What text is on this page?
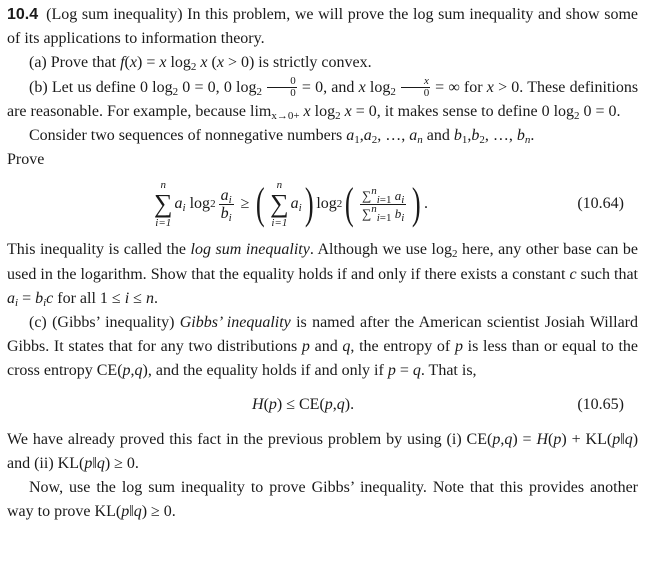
10.4 (Log sum inequality) In this problem, we will prove the log sum inequality and show some of its applications to information theory.

(a) Prove that f(x) = x $\log_2 x$ (x > 0) is strictly convex.

(b) Let us define 0 $\log_2 0 = 0$, 0 $\log_2 \frac{0}{0} = 0$, and x $\log_2 \frac{x}{0}$ = ∞ for x > 0. These definitions are reasonable. For example, because $\lim_{x\to 0+} x$ $\log_2 x = 0$, it makes sense to define 0 $\log_2 0 = 0$.

Consider two sequences of nonnegative numbers $a_1,a_2$, …, $a_n$ and $b_1,b_2$, …, $b_n$.

Prove

n
∑
i=1
$a_i$ $\log 2 \frac{a_i}{b_i}$ ≥ ( n
∑
i=1
$a_i$ ) log 2 ( ∑$^n_{i=1}$ $a_i$
∑$^n_{i=1}$ $b_i$ ) .	(10.64)

This inequality is called the log sum inequality. Although we use $\log_2$ here, any other base can be used in the logarithm. Show that the equality holds if and only if there exists a constant c such that $a_i = b_ic$ for all 1 ≤ i ≤ n.

(c) (Gibbs’ inequality) Gibbs’ inequality is named after the American scientist Josiah Willard Gibbs. It states that for any two distributions p and q, the entropy of p is less than or equal to the cross entropy CE(p,q), and the equality holds if and only if p = q. That is,

H(p) ≤ CE(p,q).	(10.65)

We have already proved this fact in the previous problem by using (i) CE(p,q) = H(p) + KL(p‖q) and (ii) KL(p‖q) ≥ 0.

Now, use the log sum inequality to prove Gibbs’ inequality. Note that this provides another way to prove KL(p‖q) ≥ 0.
